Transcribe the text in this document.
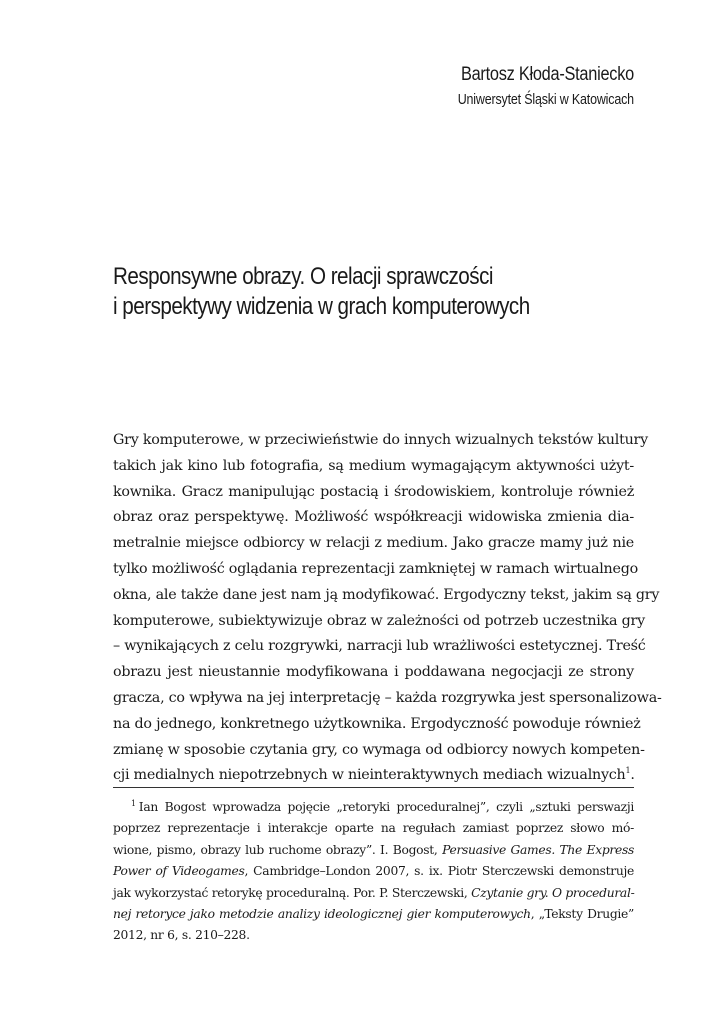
Bartosz Kłoda-Staniecko
Uniwersytet Śląski w Katowicach
Responsywne obrazy. O relacji sprawczości
i perspektywy widzenia w grach komputerowych
Gry komputerowe, w przeciwieństwie do innych wizualnych tekstów kultury
takich jak kino lub fotografia, są medium wymagającym aktywności użyt-
kownika. Gracz manipulując postacią i środowiskiem, kontroluje również
obraz oraz perspektywę. Możliwość współkreacji widowiska zmienia dia-
metralnie miejsce odbiorcy w relacji z medium. Jako gracze mamy już nie
tylko możliwość oglądania reprezentacji zamkniętej w ramach wirtualnego
okna, ale także dane jest nam ją modyfikować. Ergodyczny tekst, jakim są gry
komputerowe, subiektywizuje obraz w zależności od potrzeb uczestnika gry
– wynikających z celu rozgrywki, narracji lub wrażliwości estetycznej. Treść
obrazu jest nieustannie modyfikowana i poddawana negocjacji ze strony
gracza, co wpływa na jej interpretację – każda rozgrywka jest spersonalizowa-
na do jednego, konkretnego użytkownika. Ergodyczność powoduje również
zmianę w sposobie czytania gry, co wymaga od odbiorcy nowych kompeten-
cji medialnych niepotrzebnych w nieinteraktywnych mediach wizualnych$^1$.
$^1$ Ian Bogost wprowadza pojęcie „retoryki proceduralnej”, czyli „sztuki perswazji
poprzez reprezentacje i interakcje oparte na regułach zamiast poprzez słowo mó-
wione, pismo, obrazy lub ruchome obrazy”. I. Bogost, Persuasive Games. The Express
Power of Videogames, Cambridge–London 2007, s. ix. Piotr Sterczewski demonstruje
jak wykorzystać retorykę proceduralną. Por. P. Sterczewski, Czytanie gry. O procedural-
nej retoryce jako metodzie analizy ideologicznej gier komputerowych, „Teksty Drugie”
2012, nr 6, s. 210–228.
